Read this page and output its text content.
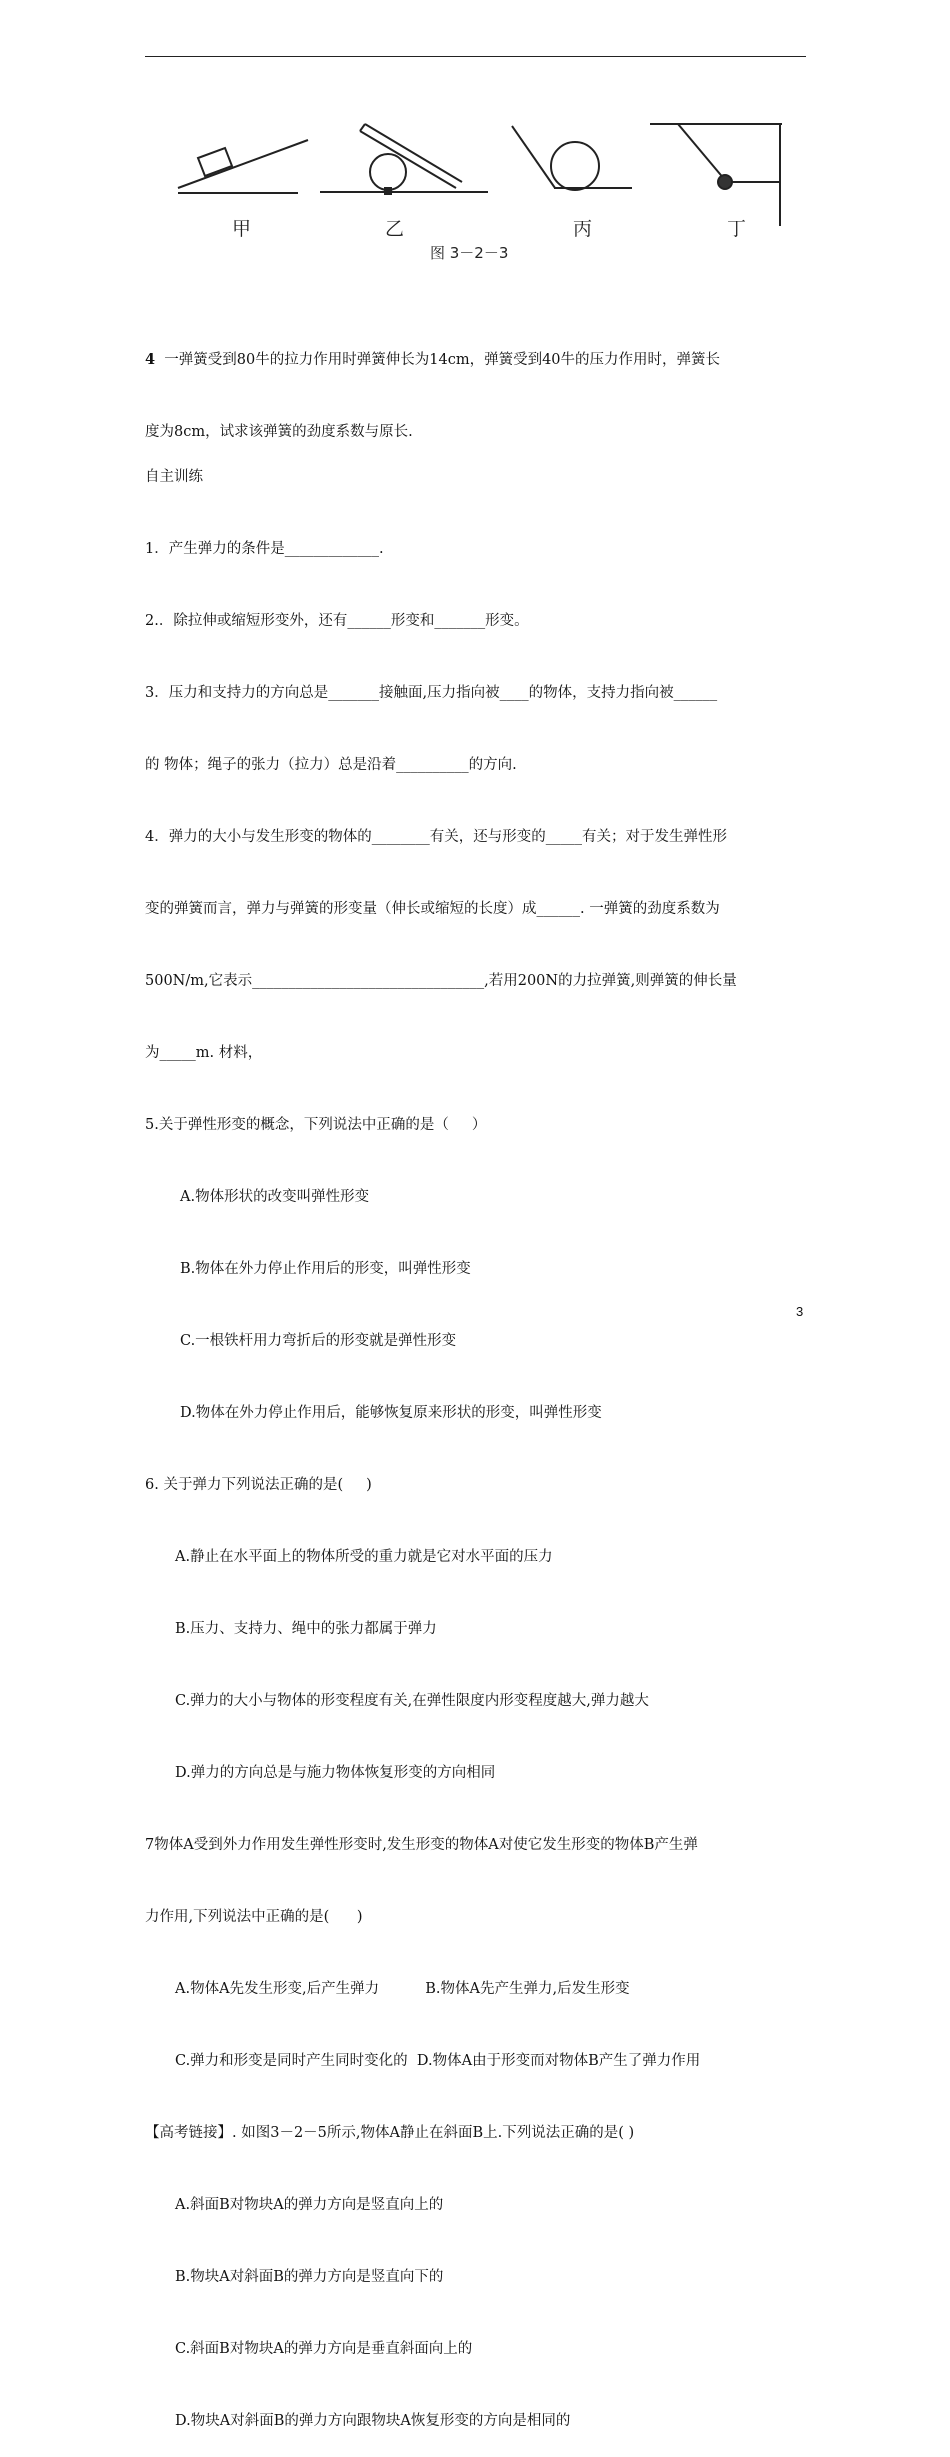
甲	乙	丙	丁
图 3－2－3

4  一弹簧受到80牛的拉力作用时弹簧伸长为14cm，弹簧受到40牛的压力作用时，弹簧长

度为8cm，试求该弹簧的劲度系数与原长.

自主训练

1．产生弹力的条件是_____________.

2.．除拉伸或缩短形变外，还有______形变和_______形变。

3．压力和支持力的方向总是_______接触面,压力指向被____的物体，支持力指向被______

的 物体；绳子的张力（拉力）总是沿着__________的方向.

4．弹力的大小与发生形变的物体的________有关，还与形变的_____有关；对于发生弹性形

变的弹簧而言，弹力与弹簧的形变量（伸长或缩短的长度）成______. 一弹簧的劲度系数为

500N/m,它表示________________________________,若用200N的力拉弹簧,则弹簧的伸长量

为_____m. 材料，

5.关于弹性形变的概念，下列说法中正确的是（     ）

A.物体形状的改变叫弹性形变

B.物体在外力停止作用后的形变，叫弹性形变

C.一根铁杆用力弯折后的形变就是弹性形变

D.物体在外力停止作用后，能够恢复原来形状的形变，叫弹性形变

6. 关于弹力下列说法正确的是(     )

A.静止在水平面上的物体所受的重力就是它对水平面的压力

B.压力、支持力、绳中的张力都属于弹力

C.弹力的大小与物体的形变程度有关,在弹性限度内形变程度越大,弹力越大

D.弹力的方向总是与施力物体恢复形变的方向相同

7物体A受到外力作用发生弹性形变时,发生形变的物体A对使它发生形变的物体B产生弹

力作用,下列说法中正确的是(      )

A.物体A先发生形变,后产生弹力          B.物体A先产生弹力,后发生形变

C.弹力和形变是同时产生同时变化的  D.物体A由于形变而对物体B产生了弹力作用

【高考链接】. 如图3－2－5所示,物体A静止在斜面B上.下列说法正确的是( )

A.斜面B对物块A的弹力方向是竖直向上的

B.物块A对斜面B的弹力方向是竖直向下的

C.斜面B对物块A的弹力方向是垂直斜面向上的

D.物块A对斜面B的弹力方向跟物块A恢复形变的方向是相同的

3
